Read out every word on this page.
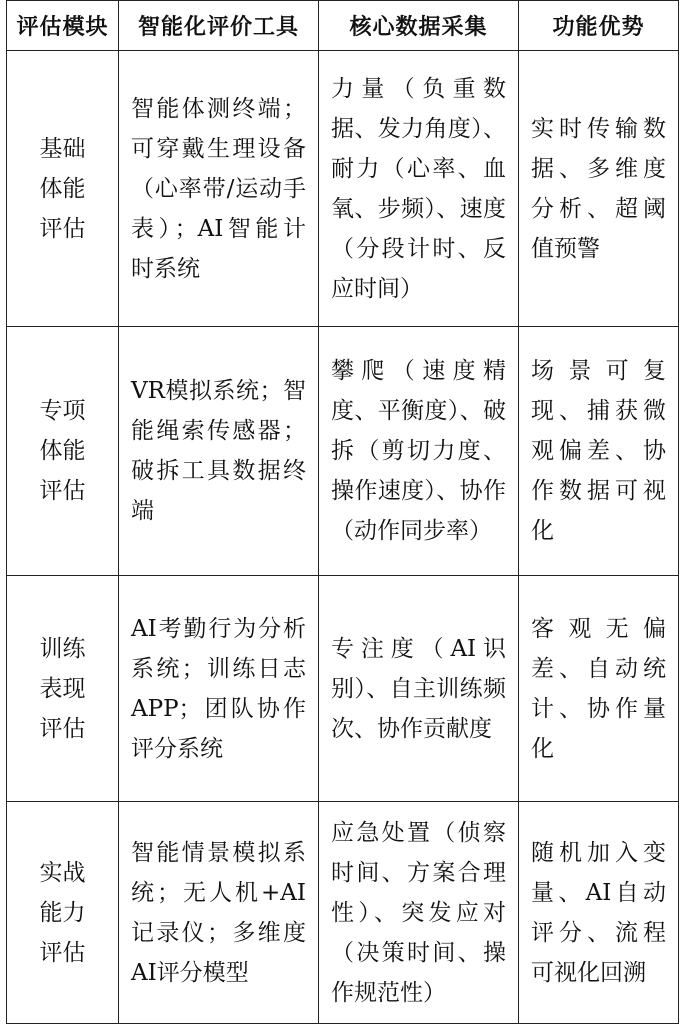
评估模块	智能化评价工具	核心数据采集	功能优势

基础体能评估	智能体测终端；可穿戴生理设备（心率带/运动手表）；AI智能计时系统	力量（负重数据、发力角度）、耐力（心率、血氧、步频）、速度（分段计时、反应时间）	实时传输数据、多维度分析、超阈值预警

专项体能评估	VR模拟系统；智能绳索传感器；破拆工具数据终端	攀爬（速度精度、平衡度）、破拆（剪切力度、操作速度）、协作（动作同步率）	场景可复现、捕获微观偏差、协作数据可视化

训练表现评估	AI考勤行为分析系统；训练日志APP；团队协作评分系统	专注度（AI识别）、自主训练频次、协作贡献度	客观无偏差、自动统计、协作量化

实战能力评估	智能情景模拟系统；无人机+AI记录仪；多维度AI评分模型	应急处置（侦察时间、方案合理性）、突发应对（决策时间、操作规范性）	随机加入变量、AI自动评分、流程可视化回溯
